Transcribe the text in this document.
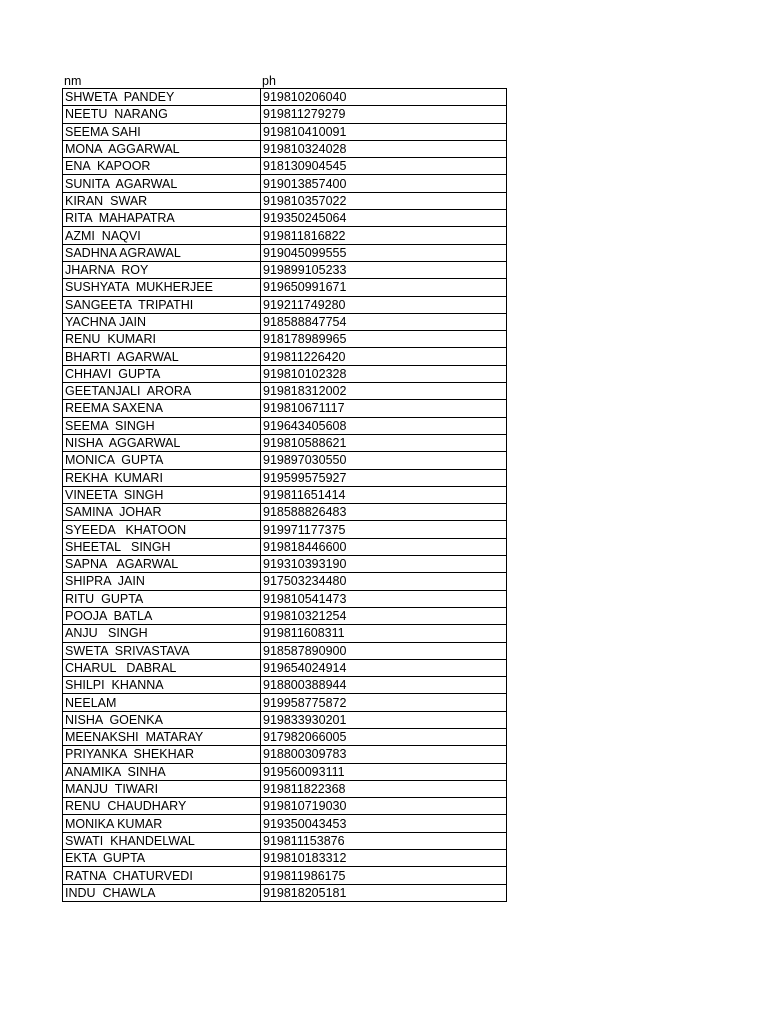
nm	ph
SHWETA  PANDEY	919810206040
NEETU  NARANG	919811279279
SEEMA SAHI	919810410091
MONA  AGGARWAL	919810324028
ENA  KAPOOR	918130904545
SUNITA  AGARWAL	919013857400
KIRAN  SWAR	919810357022
RITA  MAHAPATRA	919350245064
AZMI  NAQVI	919811816822
SADHNA AGRAWAL	919045099555
JHARNA  ROY	919899105233
SUSHYATA  MUKHERJEE	919650991671
SANGEETA  TRIPATHI	919211749280
YACHNA JAIN	918588847754
RENU  KUMARI	918178989965
BHARTI  AGARWAL	919811226420
CHHAVI  GUPTA	919810102328
GEETANJALI  ARORA	919818312002
REEMA SAXENA	919810671117
SEEMA  SINGH	919643405608
NISHA  AGGARWAL	919810588621
MONICA  GUPTA	919897030550
REKHA  KUMARI	919599575927
VINEETA  SINGH	919811651414
SAMINA  JOHAR	918588826483
SYEEDA   KHATOON	919971177375
SHEETAL   SINGH	919818446600
SAPNA   AGARWAL	919310393190
SHIPRA  JAIN	917503234480
RITU  GUPTA	919810541473
POOJA  BATLA	919810321254
ANJU   SINGH	919811608311
SWETA  SRIVASTAVA	918587890900
CHARUL   DABRAL	919654024914
SHILPI  KHANNA	918800388944
NEELAM	919958775872
NISHA  GOENKA	919833930201
MEENAKSHI  MATARAY	917982066005
PRIYANKA  SHEKHAR	918800309783
ANAMIKA  SINHA	919560093111
MANJU  TIWARI	919811822368
RENU  CHAUDHARY	919810719030
MONIKA KUMAR	919350043453
SWATI  KHANDELWAL	919811153876
EKTA  GUPTA	919810183312
RATNA  CHATURVEDI	919811986175
INDU  CHAWLA	919818205181
